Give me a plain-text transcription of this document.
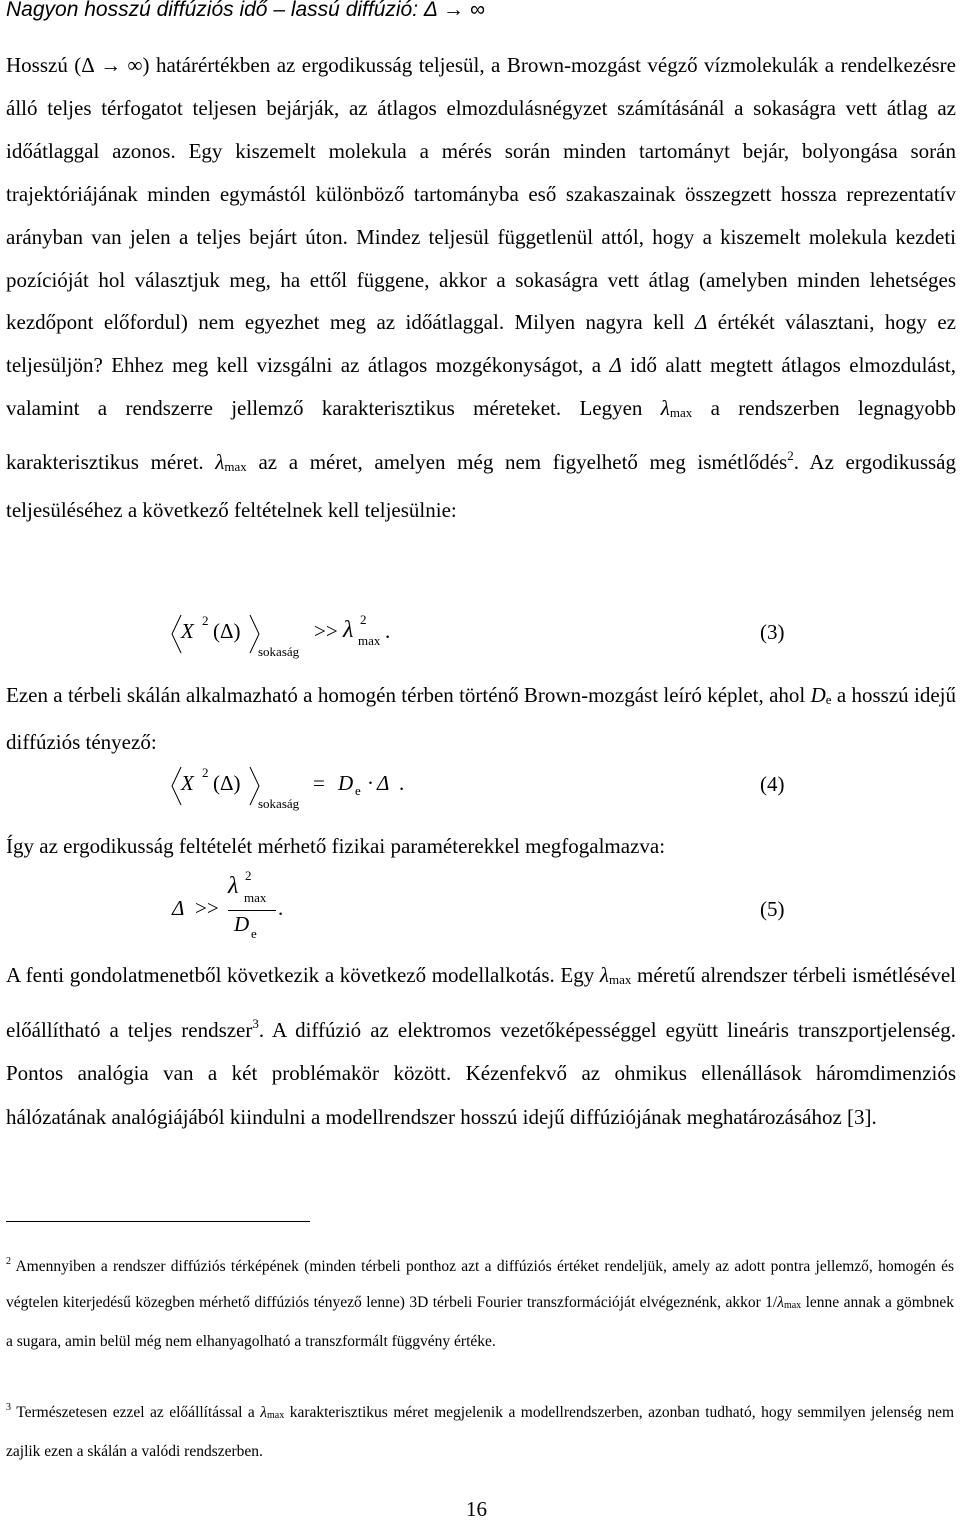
Nagyon hosszú diffúziós idő – lassú diffúzió: Δ → ∞
Hosszú (Δ → ∞) határértékben az ergodikusság teljesül, a Brown-mozgást végző vízmolekulák a rendelkezésre álló teljes térfogatot teljesen bejárják, az átlagos elmozdulásnégyzet számításánál a sokaságra vett átlag az időátlaggal azonos. Egy kiszemelt molekula a mérés során minden tartományt bejár, bolyongása során trajektóriájának minden egymástól különböző tartományba eső szakaszainak összegzett hossza reprezentatív arányban van jelen a teljes bejárt úton. Mindez teljesül függetlenül attól, hogy a kiszemelt molekula kezdeti pozícióját hol választjuk meg, ha ettől függene, akkor a sokaságra vett átlag (amelyben minden lehetséges kezdőpont előfordul) nem egyezhet meg az időátlaggal. Milyen nagyra kell Δ értékét választani, hogy ez teljesüljön? Ehhez meg kell vizsgálni az átlagos mozgékonyságot, a Δ idő alatt megtett átlagos elmozdulást, valamint a rendszerre jellemző karakterisztikus méreteket. Legyen λmax a rendszerben legnagyobb karakterisztikus méret. λmax az a méret, amelyen még nem figyelhető meg ismétlődés$^2$. Az ergodikusság teljesüléséhez a következő feltételnek kell teljesülnie:
X 2 (Δ)
sokaság
>> λ 2
max .	(3)
Ezen a térbeli skálán alkalmazható a homogén térben történő Brown-mozgást leíró képlet, ahol De a hosszú idejű diffúziós tényező:
X 2 (Δ)
sokaság
= D e · Δ .	(4)
Így az ergodikusság feltételét mérhető fizikai paraméterekkel megfogalmazva:
Δ >>
λ 2
max
D e
.	(5)
A fenti gondolatmenetből következik a következő modellalkotás. Egy λmax méretű alrendszer térbeli ismétlésével előállítható a teljes rendszer$^3$. A diffúzió az elektromos vezetőképességgel együtt lineáris transzportjelenség. Pontos analógia van a két problémakör között. Kézenfekvő az ohmikus ellenállások háromdimenziós hálózatának analógiájából kiindulni a modellrendszer hosszú idejű diffúziójának meghatározásához [3].
$^2$ Amennyiben a rendszer diffúziós térképének (minden térbeli ponthoz azt a diffúziós értéket rendeljük, amely az adott pontra jellemző, homogén és végtelen kiterjedésű közegben mérhető diffúziós tényező lenne) 3D térbeli Fourier transzformációját elvégeznénk, akkor 1/λmax lenne annak a gömbnek a sugara, amin belül még nem elhanyagolható a transzformált függvény értéke.
$^3$ Természetesen ezzel az előállítással a λmax karakterisztikus méret megjelenik a modellrendszerben, azonban tudható, hogy semmilyen jelenség nem zajlik ezen a skálán a valódi rendszerben.
16
